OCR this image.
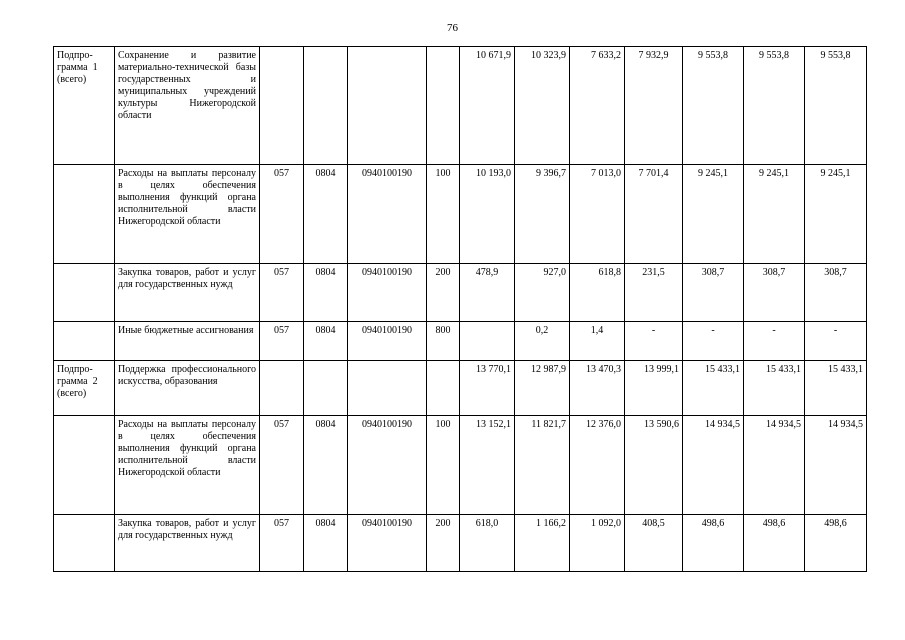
76
Подпро-
грамма  1
(всего)	Сохранение и развитие материально-технической базы государственных и муниципальных учреждений культуры Нижегородской области					10 671,9	10 323,9	7 633,2	7 932,9	9 553,8	9 553,8	9 553,8
	Расходы на выплаты персоналу в целях обеспечения выполнения функций органа исполнительной власти Нижегородской области	057	0804	0940100190	100	10 193,0	9 396,7	7 013,0	7 701,4	9 245,1	9 245,1	9 245,1
	Закупка товаров, работ и услуг для государственных нужд	057	0804	0940100190	200	478,9	927,0	618,8	231,5	308,7	308,7	308,7
	Иные бюджетные ассигнования	057	0804	0940100190	800		0,2	1,4	-	-	-	-
Подпро-
грамма  2
(всего)	Поддержка профессионального искусства, образования					13 770,1	12 987,9	13 470,3	13 999,1	15 433,1	15 433,1	15 433,1
	Расходы на выплаты персоналу в целях обеспечения выполнения функций органа исполнительной власти Нижегородской области	057	0804	0940100190	100	13 152,1	11 821,7	12 376,0	13 590,6	14 934,5	14 934,5	14 934,5
	Закупка товаров, работ и услуг для государственных нужд	057	0804	0940100190	200	618,0	1 166,2	1 092,0	408,5	498,6	498,6	498,6
